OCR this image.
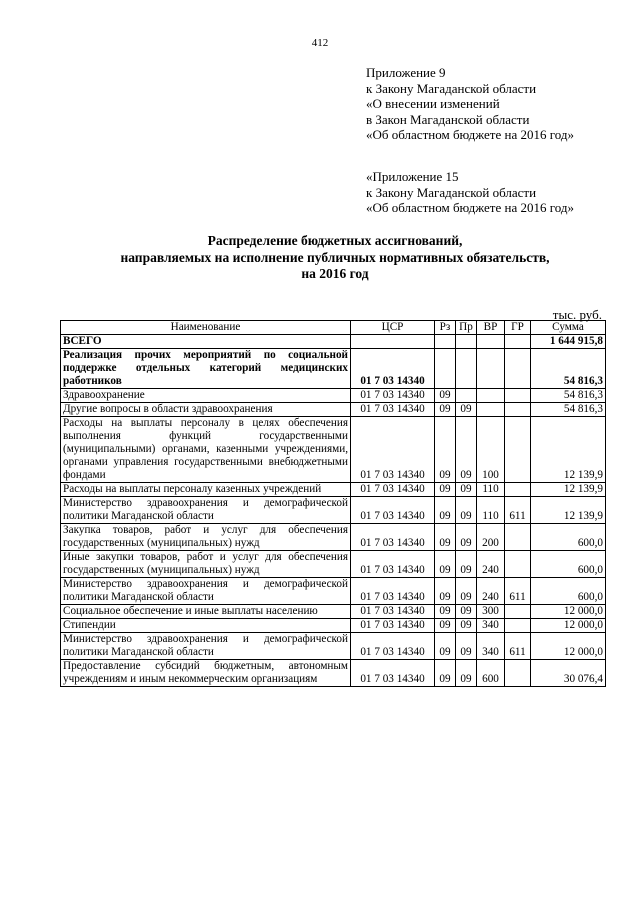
412
Приложение 9
к Закону Магаданской области
«О внесении изменений
в Закон Магаданской области
«Об областном бюджете на 2016 год»
«Приложение 15
к Закону Магаданской области
«Об областном бюджете на 2016 год»
Распределение бюджетных ассигнований,
направляемых на исполнение публичных нормативных обязательств,
на 2016 год
тыс. руб.
Наименование	ЦСР	Рз	Пр	ВР	ГР	Сумма
ВСЕГО						1 644 915,8
Реализация прочих мероприятий по социальной поддержке отдельных категорий медицинских работников	01 7 03 14340					54 816,3
Здравоохранение	01 7 03 14340	09				54 816,3
Другие вопросы в области здравоохранения	01 7 03 14340	09	09			54 816,3
Расходы на выплаты персоналу в целях обеспечения выполнения функций государственными (муниципальными) органами, казенными учреждениями, органами управления государственными внебюджетными фондами	01 7 03 14340	09	09	100		12 139,9
Расходы на выплаты персоналу казенных учреждений	01 7 03 14340	09	09	110		12 139,9
Министерство здравоохранения и демографической политики Магаданской области	01 7 03 14340	09	09	110	611	12 139,9
Закупка товаров, работ и услуг для обеспечения государственных (муниципальных) нужд	01 7 03 14340	09	09	200		600,0
Иные закупки товаров, работ и услуг для обеспечения государственных (муниципальных) нужд	01 7 03 14340	09	09	240		600,0
Министерство здравоохранения и демографической политики Магаданской области	01 7 03 14340	09	09	240	611	600,0
Социальное обеспечение и иные выплаты населению	01 7 03 14340	09	09	300		12 000,0
Стипендии	01 7 03 14340	09	09	340		12 000,0
Министерство здравоохранения и демографической политики Магаданской области	01 7 03 14340	09	09	340	611	12 000,0
Предоставление субсидий бюджетным, автономным учреждениям и иным некоммерческим организациям	01 7 03 14340	09	09	600		30 076,4
